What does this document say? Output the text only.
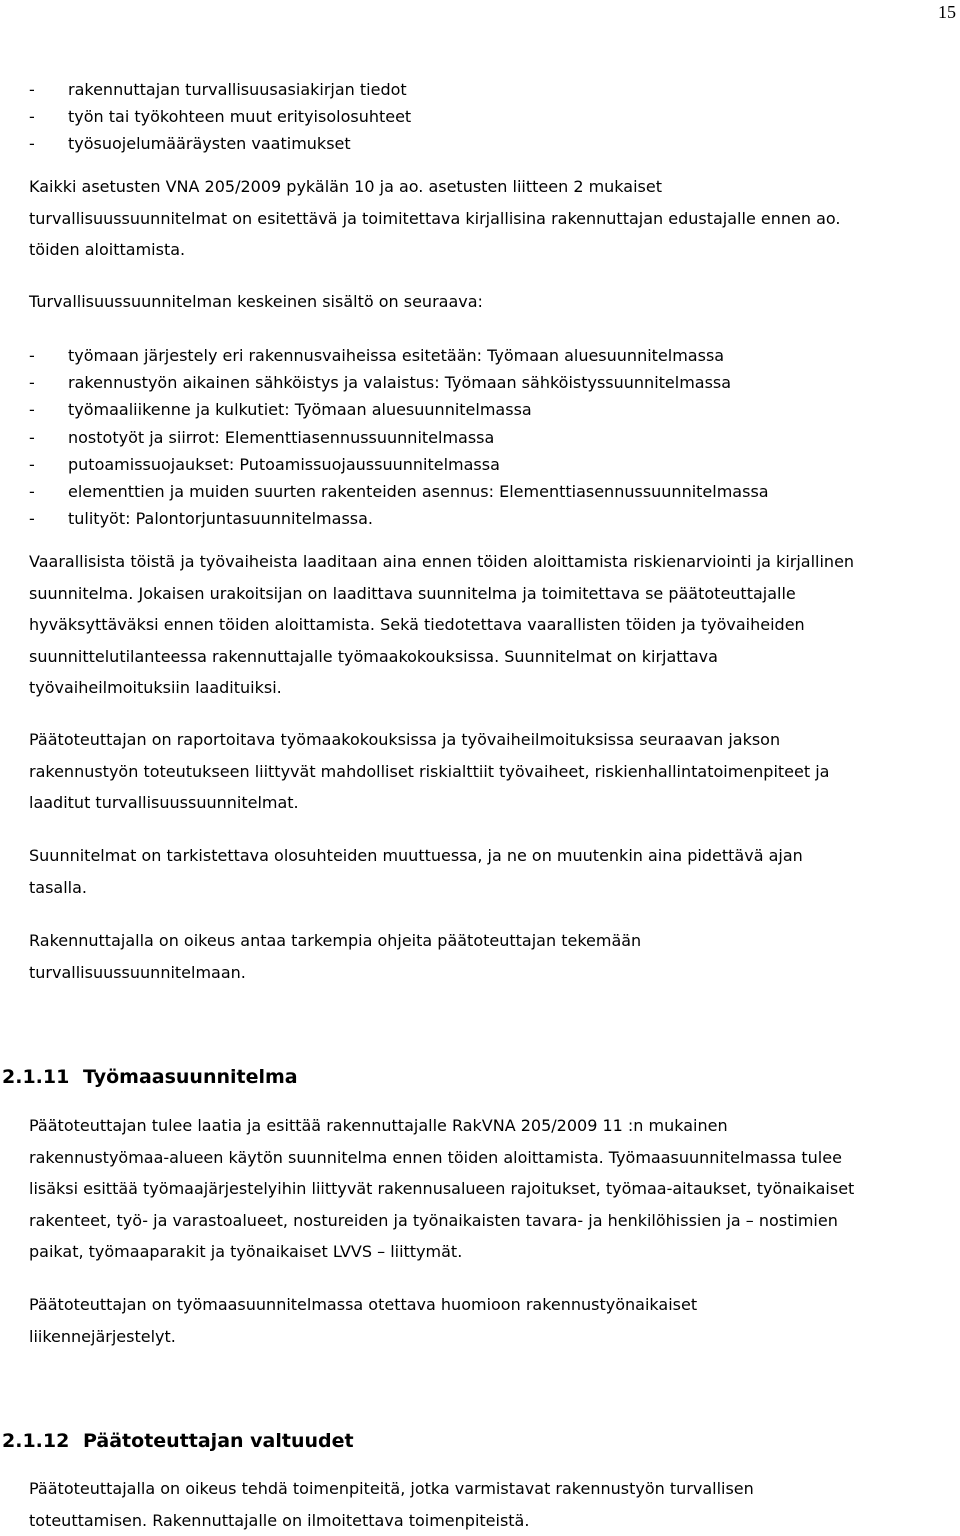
15
-	rakennuttajan turvallisuusasiakirjan tiedot
-	työn tai työkohteen muut erityisolosuhteet
-	työsuojelumääräysten vaatimukset
Kaikki asetusten VNA 205/2009 pykälän 10 ja ao. asetusten liitteen 2 mukaiset
turvallisuussuunnitelmat on esitettävä ja toimitettava kirjallisina rakennuttajan edustajalle ennen ao.
töiden aloittamista.
Turvallisuussuunnitelman keskeinen sisältö on seuraava:
-	työmaan järjestely eri rakennusvaiheissa esitetään: Työmaan aluesuunnitelmassa
-	rakennustyön aikainen sähköistys ja valaistus: Työmaan sähköistyssuunnitelmassa
-	työmaaliikenne ja kulkutiet: Työmaan aluesuunnitelmassa
-	nostotyöt ja siirrot: Elementtiasennussuunnitelmassa
-	putoamissuojaukset: Putoamissuojaussuunnitelmassa
-	elementtien ja muiden suurten rakenteiden asennus: Elementtiasennussuunnitelmassa
-	tulityöt: Palontorjuntasuunnitelmassa.
Vaarallisista töistä ja työvaiheista laaditaan aina ennen töiden aloittamista riskienarviointi ja kirjallinen
suunnitelma. Jokaisen urakoitsijan on laadittava suunnitelma ja toimitettava se päätoteuttajalle
hyväksyttäväksi ennen töiden aloittamista. Sekä tiedotettava vaarallisten töiden ja työvaiheiden
suunnittelutilanteessa rakennuttajalle työmaakokouksissa. Suunnitelmat on kirjattava
työvaiheilmoituksiin laadituiksi.
Päätoteuttajan on raportoitava työmaakokouksissa ja työvaiheilmoituksissa seuraavan jakson
rakennustyön toteutukseen liittyvät mahdolliset riskialttiit työvaiheet, riskienhallintatoimenpiteet ja
laaditut turvallisuussuunnitelmat.
Suunnitelmat on tarkistettava olosuhteiden muuttuessa, ja ne on muutenkin aina pidettävä ajan
tasalla.
Rakennuttajalla on oikeus antaa tarkempia ohjeita päätoteuttajan tekemään
turvallisuussuunnitelmaan.
2.1.11 Työmaasuunnitelma
Päätoteuttajan tulee laatia ja esittää rakennuttajalle RakVNA 205/2009 11 :n mukainen
rakennustyömaa-alueen käytön suunnitelma ennen töiden aloittamista. Työmaasuunnitelmassa tulee
lisäksi esittää työmaajärjestelyihin liittyvät rakennusalueen rajoitukset, työmaa-aitaukset, työnaikaiset
rakenteet, työ- ja varastoalueet, nostureiden ja työnaikaisten tavara- ja henkilöhissien ja – nostimien
paikat, työmaaparakit ja työnaikaiset LVVS – liittymät.
Päätoteuttajan on työmaasuunnitelmassa otettava huomioon rakennustyönaikaiset
liikennejärjestelyt.
2.1.12 Päätoteuttajan valtuudet
Päätoteuttajalla on oikeus tehdä toimenpiteitä, jotka varmistavat rakennustyön turvallisen
toteuttamisen. Rakennuttajalle on ilmoitettava toimenpiteistä.
